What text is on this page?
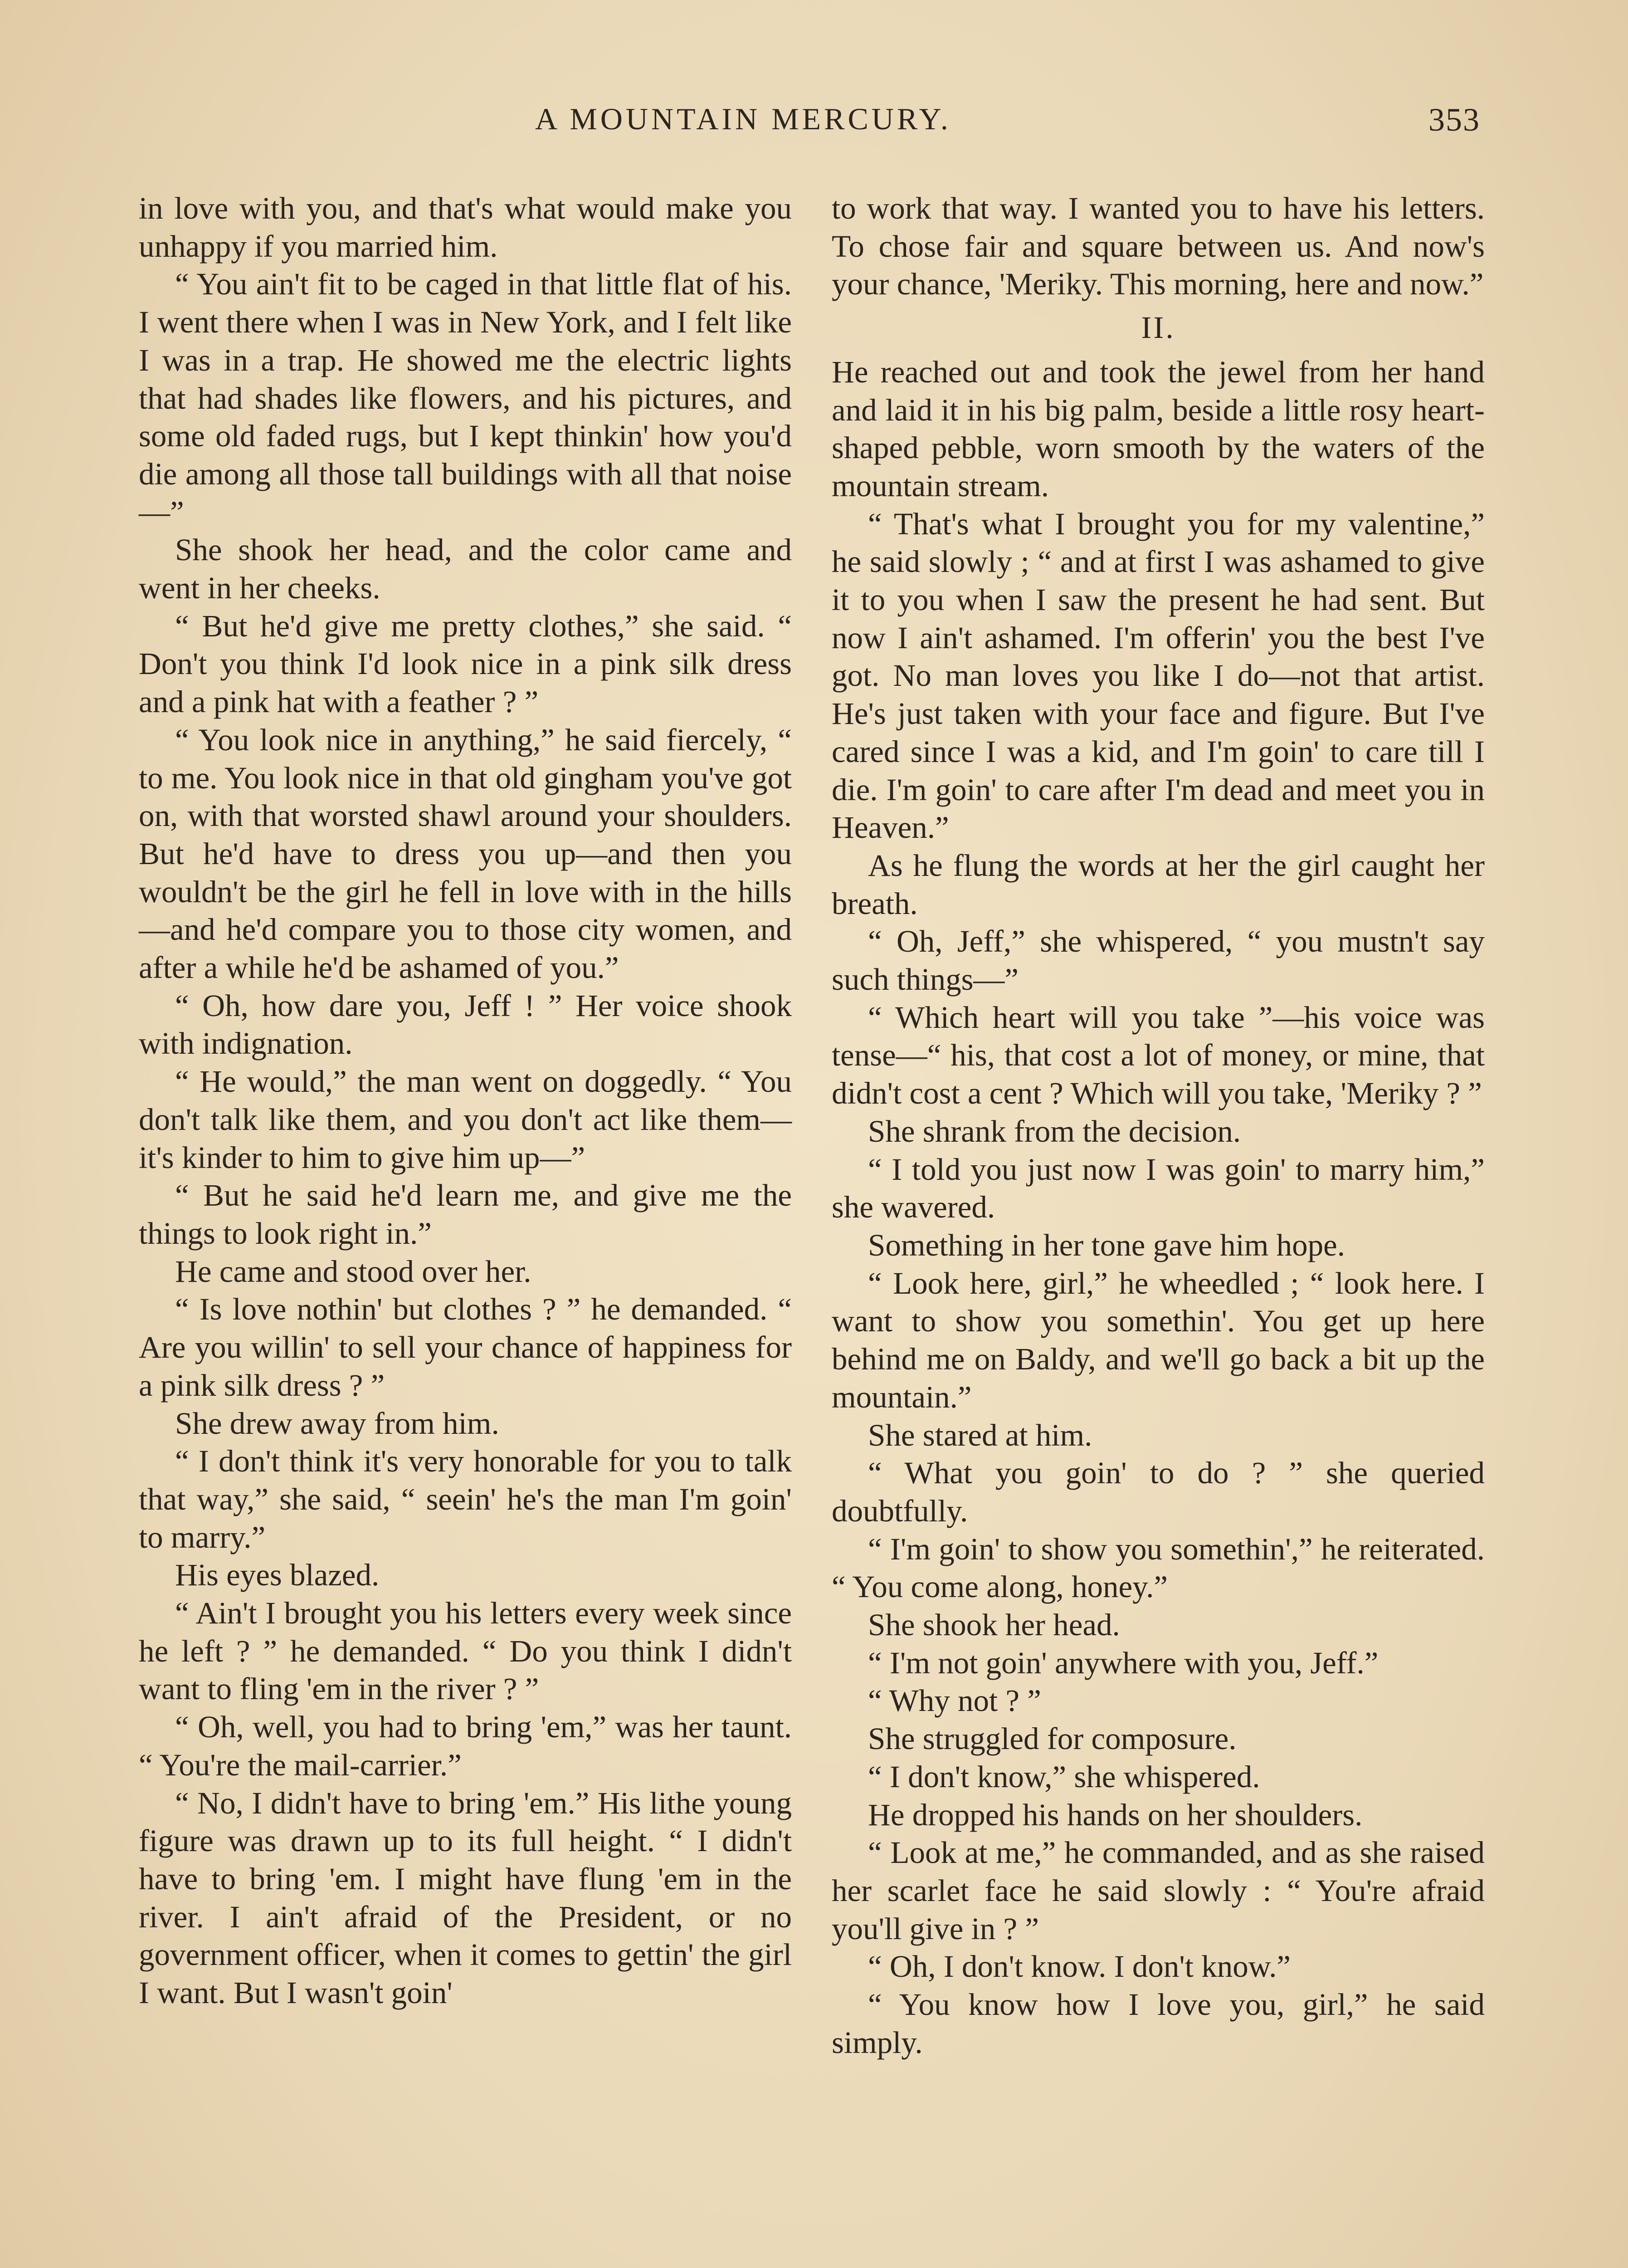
A MOUNTAIN MERCURY.	353

in love with you, and that's what would make you unhappy if you married him.

“ You ain't fit to be caged in that little flat of his. I went there when I was in New York, and I felt like I was in a trap. He showed me the electric lights that had shades like flowers, and his pictures, and some old faded rugs, but I kept thinkin' how you'd die among all those tall buildings with all that noise—”

She shook her head, and the color came and went in her cheeks.

“ But he'd give me pretty clothes,” she said. “ Don't you think I'd look nice in a pink silk dress and a pink hat with a feather ? ”

“ You look nice in anything,” he said fiercely, “ to me. You look nice in that old gingham you've got on, with that worsted shawl around your shoulders. But he'd have to dress you up—and then you wouldn't be the girl he fell in love with in the hills—and he'd compare you to those city women, and after a while he'd be ashamed of you.”

“ Oh, how dare you, Jeff ! ” Her voice shook with indignation.

“ He would,” the man went on doggedly. “ You don't talk like them, and you don't act like them—it's kinder to him to give him up—”

“ But he said he'd learn me, and give me the things to look right in.”

He came and stood over her.

“ Is love nothin' but clothes ? ” he demanded. “ Are you willin' to sell your chance of happiness for a pink silk dress ? ”

She drew away from him.

“ I don't think it's very honorable for you to talk that way,” she said, “ seein' he's the man I'm goin' to marry.”

His eyes blazed.

“ Ain't I brought you his letters every week since he left ? ” he demanded. “ Do you think I didn't want to fling 'em in the river ? ”

“ Oh, well, you had to bring 'em,” was her taunt. “ You're the mail-carrier.”

“ No, I didn't have to bring 'em.” His lithe young figure was drawn up to its full height. “ I didn't have to bring 'em. I might have flung 'em in the river. I ain't afraid of the President, or no government officer, when it comes to gettin' the girl I want. But I wasn't goin'

to work that way. I wanted you to have his letters. To chose fair and square between us. And now's your chance, 'Meriky. This morning, here and now.”

II.

He reached out and took the jewel from her hand and laid it in his big palm, beside a little rosy heart-shaped pebble, worn smooth by the waters of the mountain stream.

“ That's what I brought you for my valentine,” he said slowly ; “ and at first I was ashamed to give it to you when I saw the present he had sent. But now I ain't ashamed. I'm offerin' you the best I've got. No man loves you like I do—not that artist. He's just taken with your face and figure. But I've cared since I was a kid, and I'm goin' to care till I die. I'm goin' to care after I'm dead and meet you in Heaven.”

As he flung the words at her the girl caught her breath.

“ Oh, Jeff,” she whispered, “ you mustn't say such things—”

“ Which heart will you take ”—his voice was tense—“ his, that cost a lot of money, or mine, that didn't cost a cent ? Which will you take, 'Meriky ? ”

She shrank from the decision.

“ I told you just now I was goin' to marry him,” she wavered.

Something in her tone gave him hope.

“ Look here, girl,” he wheedled ; “ look here. I want to show you somethin'. You get up here behind me on Baldy, and we'll go back a bit up the mountain.”

She stared at him.

“ What you goin' to do ? ” she queried doubtfully.

“ I'm goin' to show you somethin',” he reiterated. “ You come along, honey.”

She shook her head.

“ I'm not goin' anywhere with you, Jeff.”

“ Why not ? ”

She struggled for composure.

“ I don't know,” she whispered.

He dropped his hands on her shoulders.

“ Look at me,” he commanded, and as she raised her scarlet face he said slowly : “ You're afraid you'll give in ? ”

“ Oh, I don't know. I don't know.”

“ You know how I love you, girl,” he said simply.
